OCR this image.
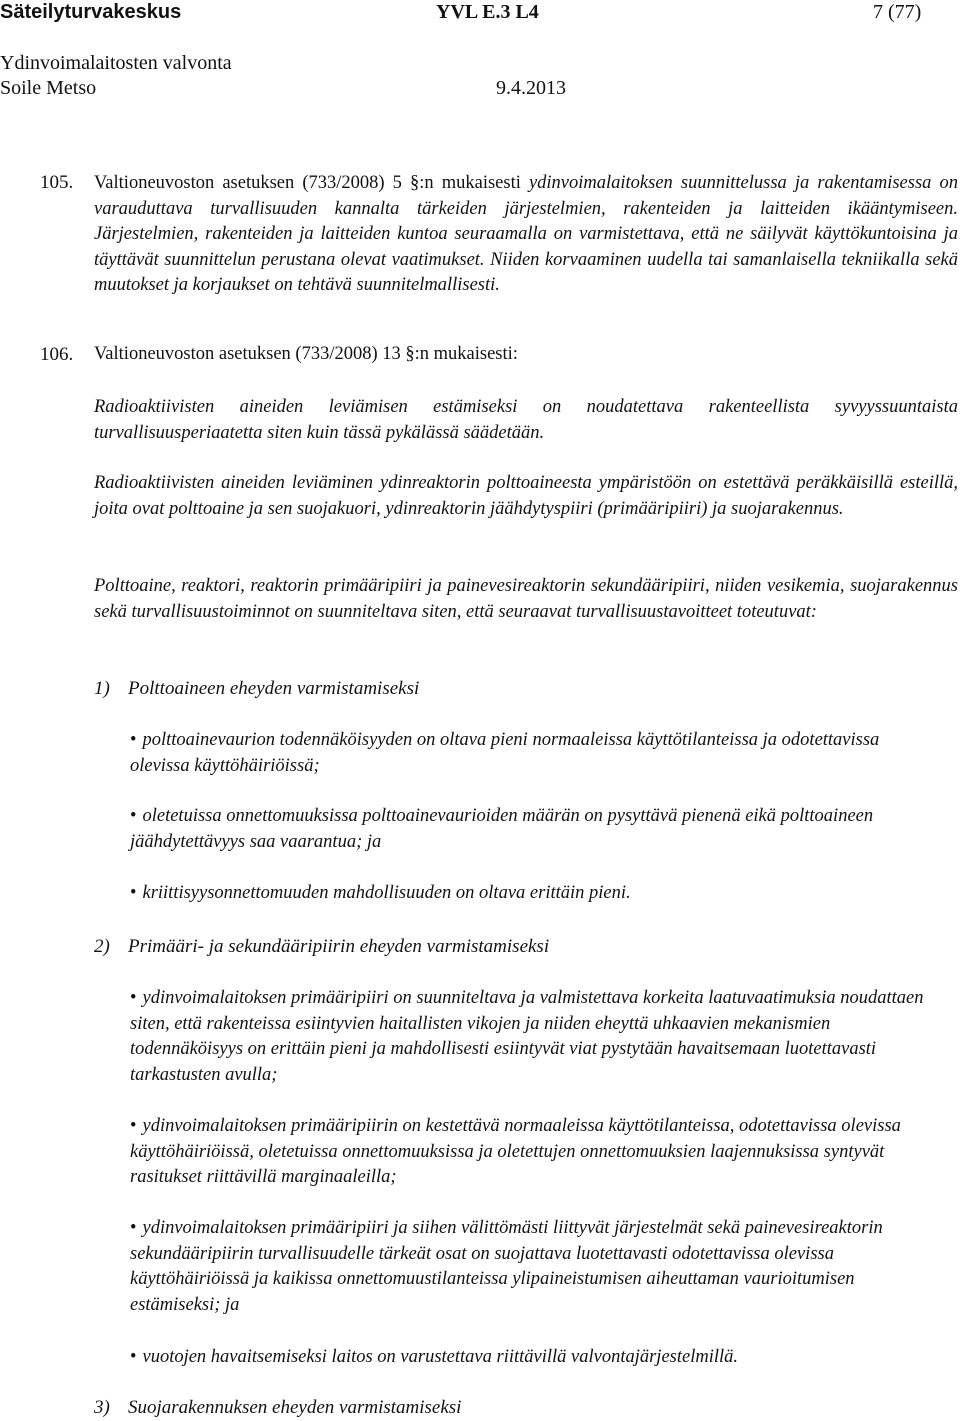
Säteilyturvakeskus	YVL E.3 L4	7 (77)
Ydinvoimalaitosten valvonta
Soile Metso	9.4.2013
105. Valtioneuvoston asetuksen (733/2008) 5 §:n mukaisesti ydinvoimalaitoksen suunnittelussa ja rakentamisessa on varauduttava turvallisuuden kannalta tärkeiden järjestelmien, rakenteiden ja laitteiden ikääntymiseen. Järjestelmien, rakenteiden ja laitteiden kuntoa seuraamalla on varmistettava, että ne säilyvät käyttökuntoisina ja täyttävät suunnittelun perustana olevat vaatimukset. Niiden korvaaminen uudella tai samanlaisella tekniikalla sekä muutokset ja korjaukset on tehtävä suunnitelmallisesti.
106. Valtioneuvoston asetuksen (733/2008) 13 §:n mukaisesti:
Radioaktiivisten aineiden leviämisen estämiseksi on noudatettava rakenteellista syvyyssuuntaista turvallisuusperiaatetta siten kuin tässä pykälässä säädetään.
Radioaktiivisten aineiden leviäminen ydinreaktorin polttoaineesta ympäristöön on estettävä peräkkäisillä esteillä, joita ovat polttoaine ja sen suojakuori, ydinreaktorin jäähdytyspiiri (primääripiiri) ja suojarakennus.
Polttoaine, reaktori, reaktorin primääripiiri ja painevesireaktorin sekundääripiiri, niiden vesikemia, suojarakennus sekä turvallisuustoiminnot on suunniteltava siten, että seuraavat turvallisuustavoitteet toteutuvat:
1) Polttoaineen eheyden varmistamiseksi
• polttoainevaurion todennäköisyyden on oltava pieni normaaleissa käyttötilanteissa ja odotettavissa olevissa käyttöhäiriöissä;
• oletetuissa onnettomuuksissa polttoainevaurioiden määrän on pysyttävä pienenä eikä polttoaineen jäähdytettävyys saa vaarantua; ja
• kriittisyysonnettomuuden mahdollisuuden on oltava erittäin pieni.
2) Primääri- ja sekundääripiirin eheyden varmistamiseksi
• ydinvoimalaitoksen primääripiiri on suunniteltava ja valmistettava korkeita laatuvaatimuksia noudattaen siten, että rakenteissa esiintyvien haitallisten vikojen ja niiden eheyttä uhkaavien mekanismien todennäköisyys on erittäin pieni ja mahdollisesti esiintyvät viat pystytään havaitsemaan luotettavasti tarkastusten avulla;
• ydinvoimalaitoksen primääripiirin on kestettävä normaaleissa käyttötilanteissa, odotettavissa olevissa käyttöhäiriöissä, oletetuissa onnettomuuksissa ja oletettujen onnettomuuksien laajennuksissa syntyvät rasitukset riittävillä marginaaleilla;
• ydinvoimalaitoksen primääripiiri ja siihen välittömästi liittyvät järjestelmät sekä painevesireaktorin sekundääripiirin turvallisuudelle tärkeät osat on suojattava luotettavasti odotettavissa olevissa käyttöhäiriöissä ja kaikissa onnettomuustilanteissa ylipaineistumisen aiheuttaman vaurioitumisen estämiseksi; ja
• vuotojen havaitsemiseksi laitos on varustettava riittävillä valvontajärjestelmillä.
3) Suojarakennuksen eheyden varmistamiseksi
